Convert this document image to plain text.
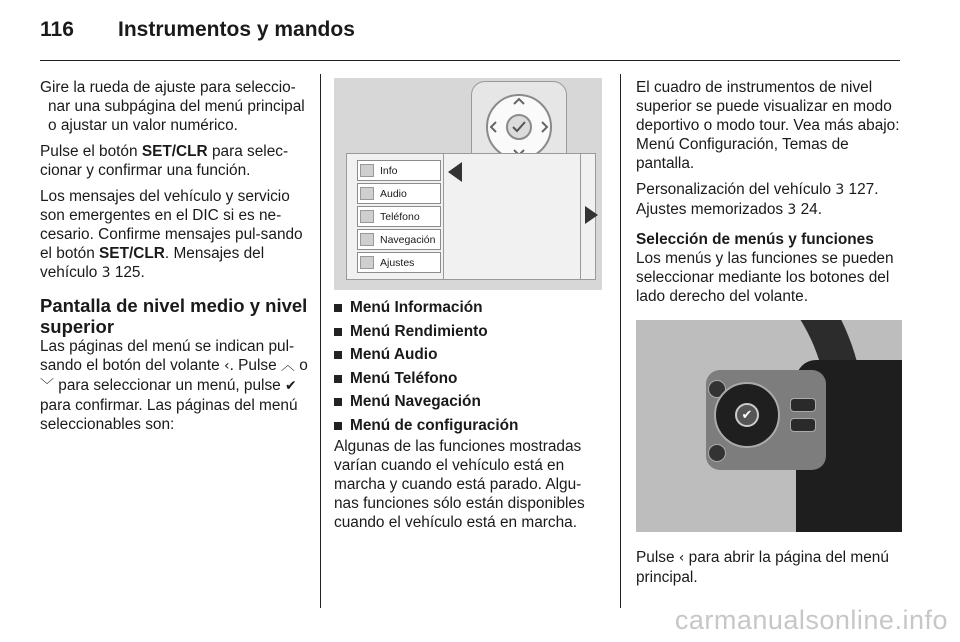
116 Instrumentos y mandos

Gire la rueda de ajuste para seleccio-nar una subpágina del menú principal o ajustar un valor numérico.

Pulse el botón SET/CLR para selec-cionar y confirmar una función.

Los mensajes del vehículo y servicio son emergentes en el DIC si es ne-cesario. Confirme mensajes pul-sando el botón SET/CLR. Mensajes del vehículo 3 125.

Pantalla de nivel medio y nivel superior

Las páginas del menú se indican pul-sando el botón del volante ‹. Pulse ︿ o ﹀ para seleccionar un menú, pulse ✔ para confirmar. Las páginas del menú seleccionables son:

Info
Audio
Teléfono
Navegación
Ajustes
Menú Información
Menú Rendimiento
Menú Audio
Menú Teléfono
Menú Navegación
Menú de configuración

Algunas de las funciones mostradas varían cuando el vehículo está en marcha y cuando está parado. Algu-nas funciones sólo están disponibles cuando el vehículo está en marcha.

El cuadro de instrumentos de nivel superior se puede visualizar en modo deportivo o modo tour. Vea más abajo: Menú Configuración, Temas de pantalla.

Personalización del vehículo 3 127.
Ajustes memorizados 3 24.

Selección de menús y funciones

Los menús y las funciones se pueden seleccionar mediante los botones del lado derecho del volante.

✔

Pulse ‹ para abrir la página del menú principal.

carmanualsonline.info
